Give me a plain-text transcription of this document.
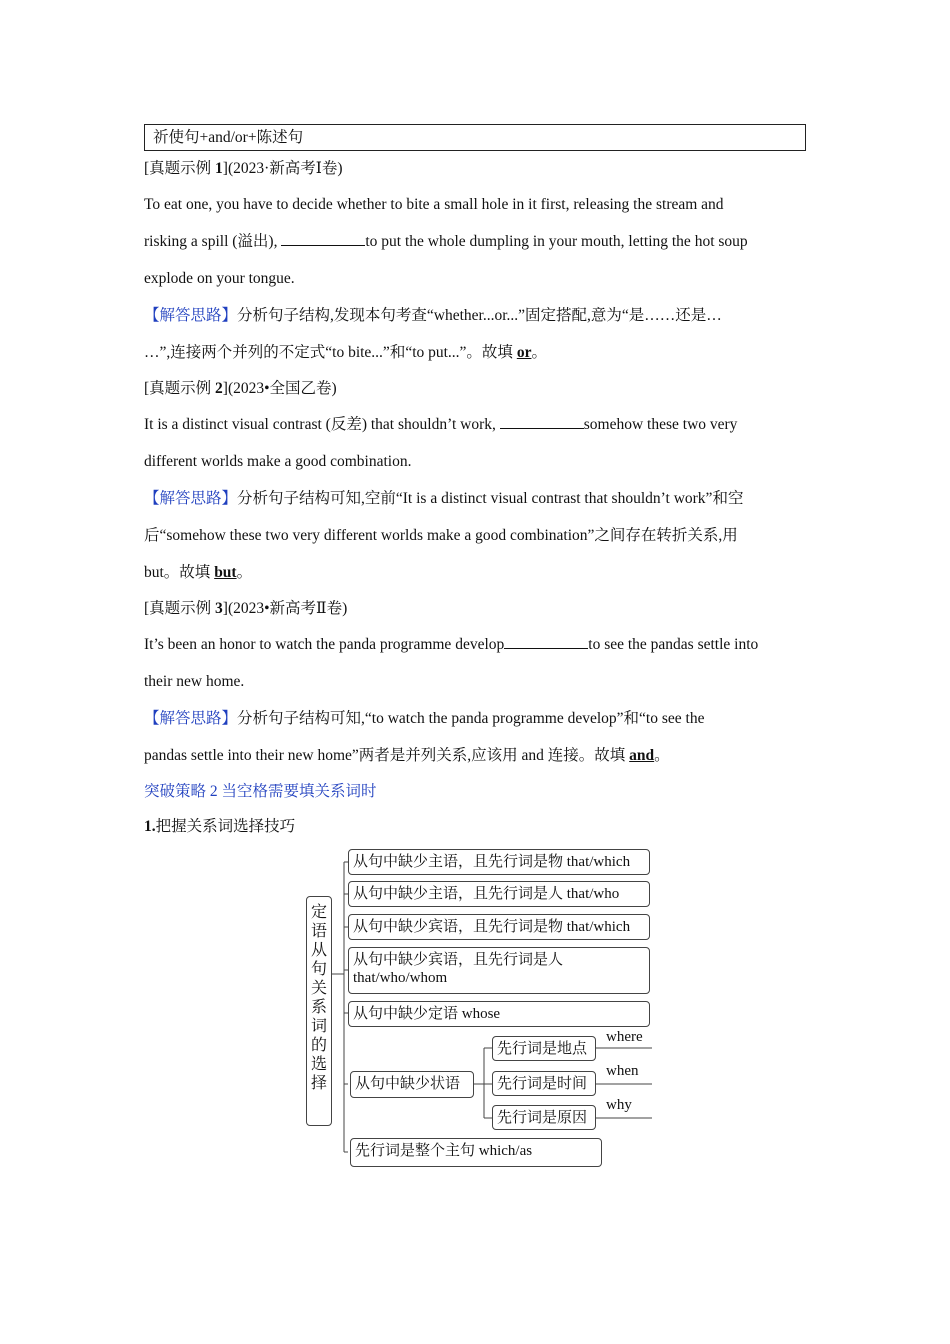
祈使句+and/or+陈述句
[真题示例 1](2023·新高考Ⅰ卷)
To eat one, you have to decide whether to bite a small hole in it first, releasing the stream and
risking a spill (溢出),	to put the whole dumpling in your mouth, letting the hot soup
explode on your tongue.
【解答思路】分析句子结构,发现本句考查“whether...or...”固定搭配,意为“是……还是…
…”,连接两个并列的不定式“to bite...”和“to put...”。故填 or。
[真题示例 2](2023•全国乙卷)
It is a distinct visual contrast (反差) that shouldn’t work,	somehow these two very
different worlds make a good combination.
【解答思路】分析句子结构可知,空前“It is a distinct visual contrast that shouldn’t work”和空
后“somehow these two very different worlds make a good combination”之间存在转折关系,用
but。故填 but。
[真题示例 3](2023•新高考Ⅱ卷)
It’s been an honor to watch the panda programme develop	to see the pandas settle into
their new home.
【解答思路】分析句子结构可知,“to watch the panda programme develop”和“to see the
pandas settle into their new home”两者是并列关系,应该用 and 连接。故填 and。
突破策略 2 当空格需要填关系词时
1.把握关系词选择技巧
定
语
从
句
关
系
词
的
选
择
从句中缺少主语，且先行词是物 that/which
从句中缺少主语，且先行词是人 that/who
从句中缺少宾语，且先行词是物 that/which
从句中缺少宾语，且先行词是人
that/who/whom
从句中缺少定语 whose
从句中缺少状语
先行词是地点
先行词是时间
先行词是原因
where
when
why
先行词是整个主句 which/as
